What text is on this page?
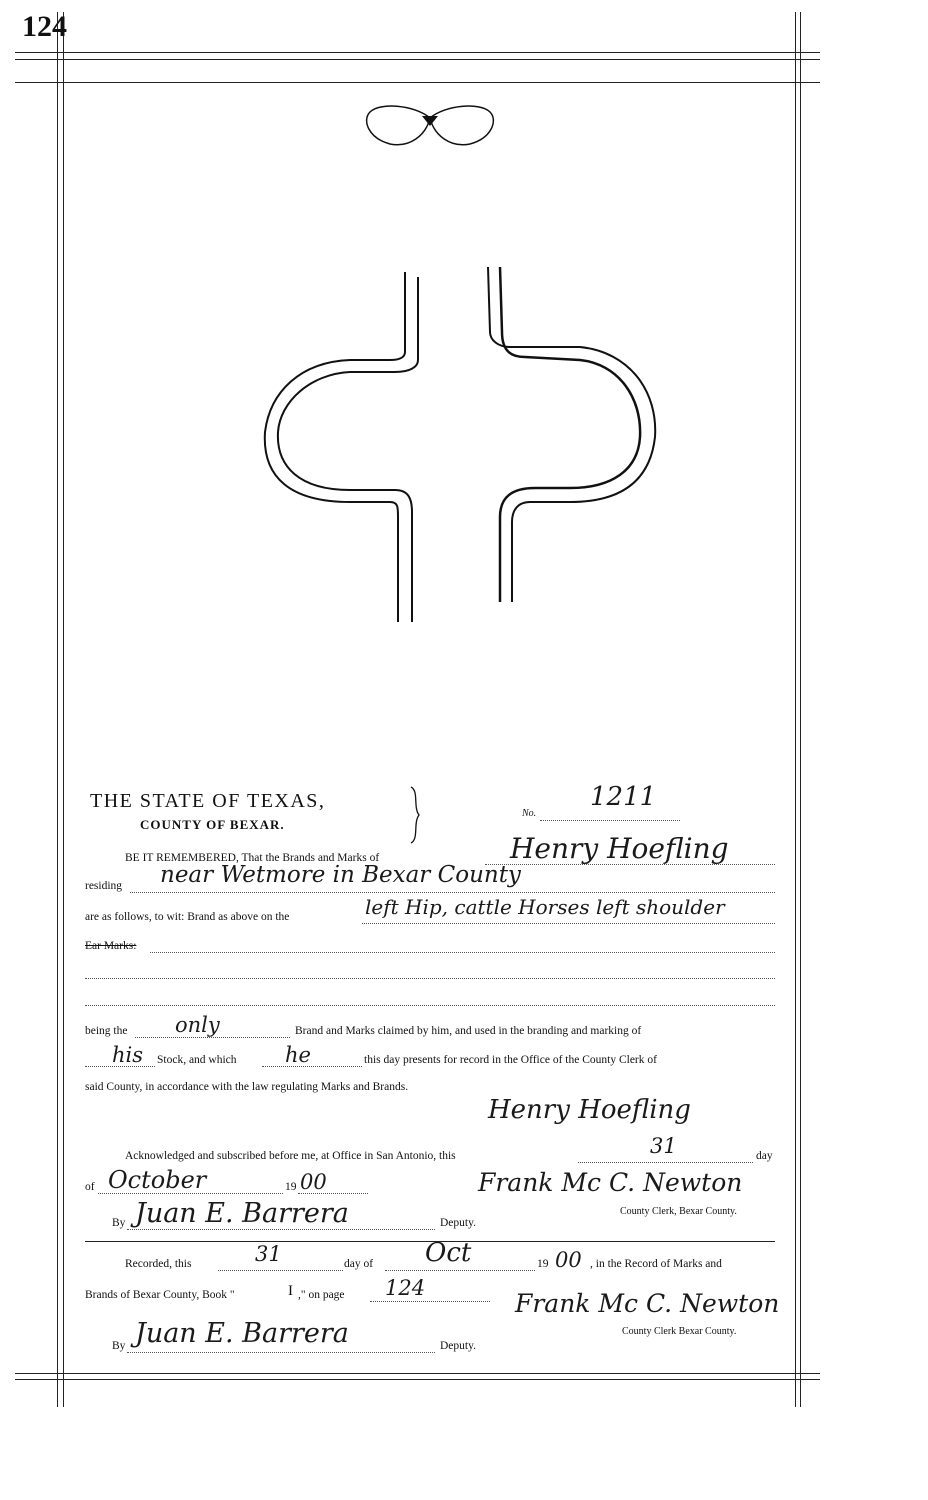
124
THE STATE OF TEXAS,
COUNTY OF BEXAR.
No.
1211
BE IT REMEMBERED, That the Brands and Marks of	Henry Hoefling
residing near Wetmore in Bexar County
are as follows, to wit: Brand as above on the	left Hip, cattle Horses left shoulder
Ear Marks:
being the only	Brand and Marks claimed by him, and used in the branding and marking of
his Stock, and which he	this day presents for record in the Office of the County Clerk of
said County, in accordance with the law regulating Marks and Brands.
Henry Hoefling
Acknowledged and subscribed before me, at Office in San Antonio, this	31	day
of October	19 00	Frank Mc C. Newton
County Clerk, Bexar County.
By Juan E. Barrera	Deputy.
Recorded, this	31	day of Oct	19 00 , in the Record of Marks and
Brands of Bexar County, Book "	I ," on page 124
Frank Mc C. Newton
County Clerk Bexar County.
By Juan E. Barrera	Deputy.
